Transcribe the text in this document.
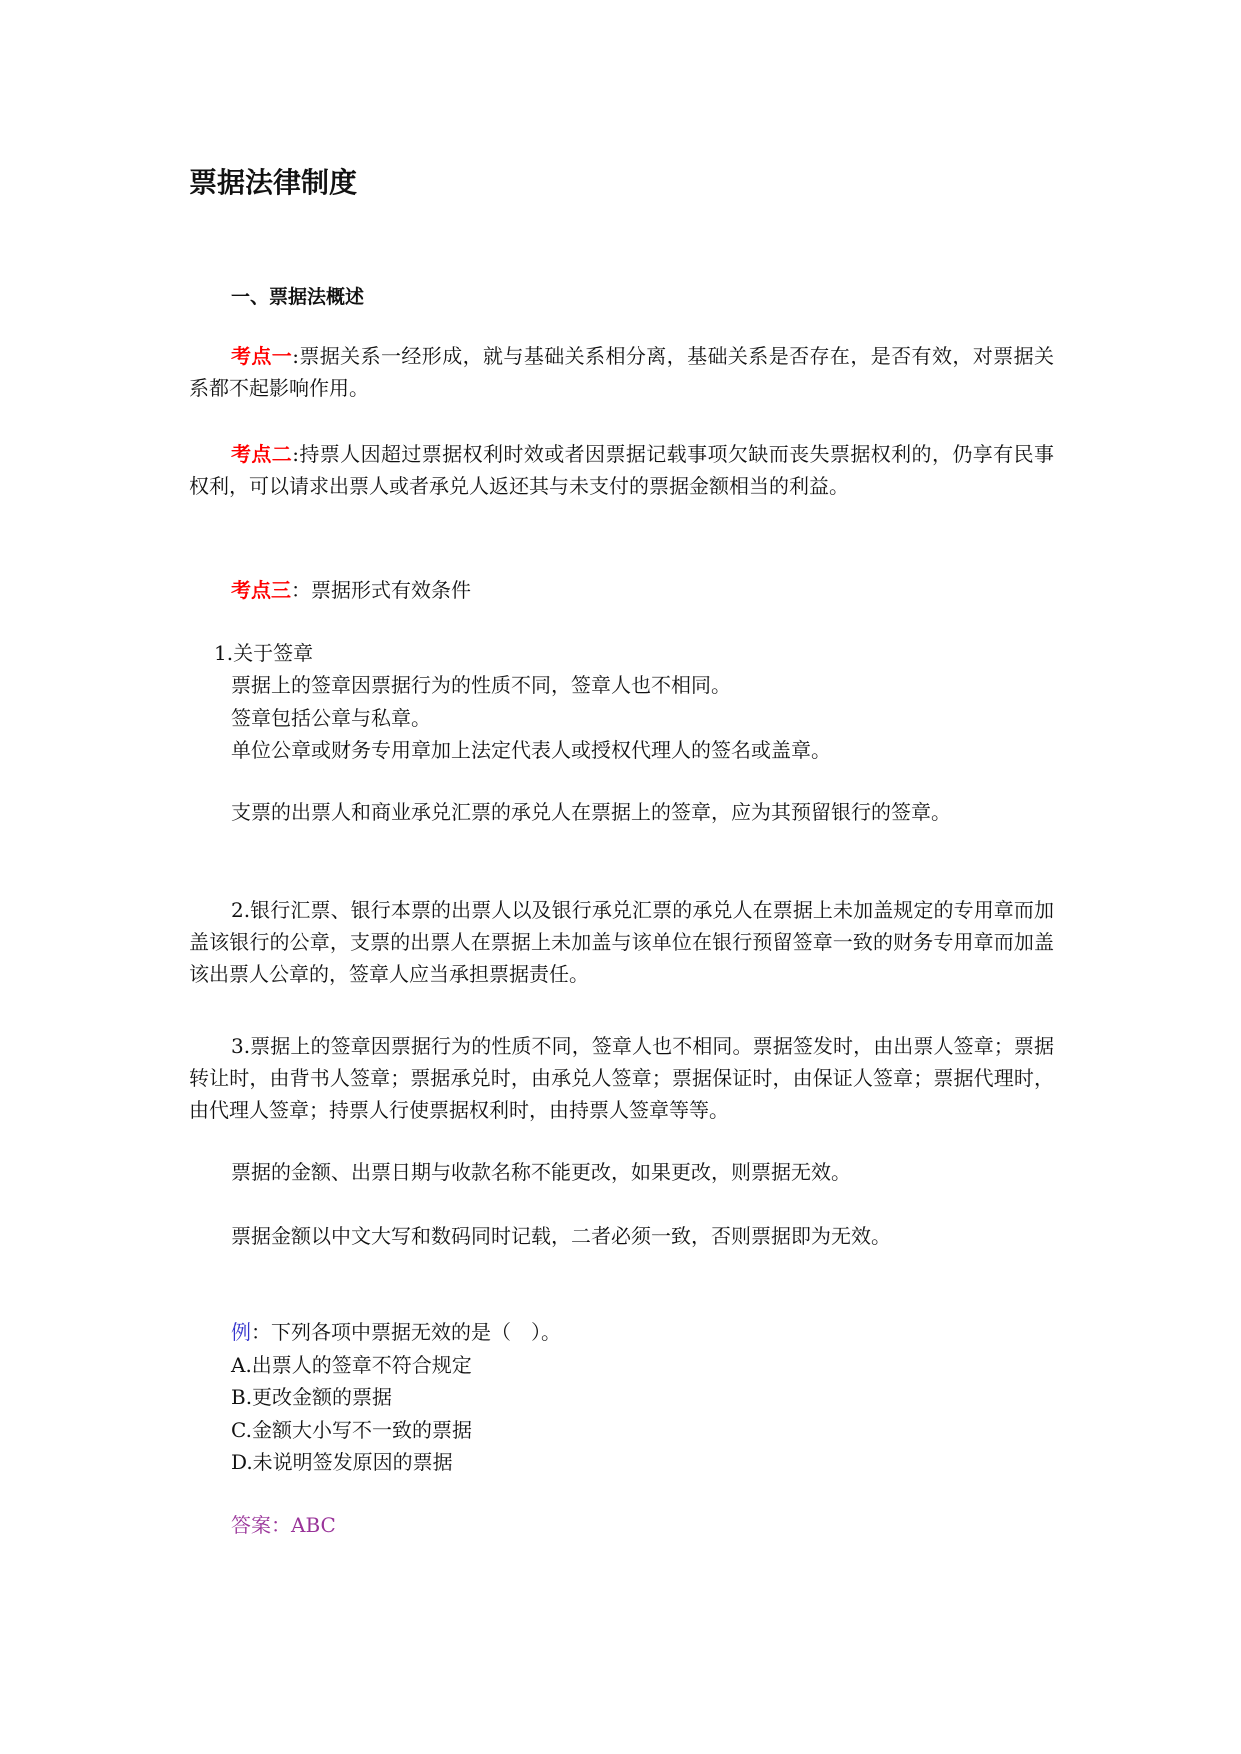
票据法律制度
一、票据法概述
考点一:票据关系一经形成，就与基础关系相分离，基础关系是否存在，是否有效，对票据关系都不起影响作用。
考点二:持票人因超过票据权利时效或者因票据记载事项欠缺而丧失票据权利的，仍享有民事权利，可以请求出票人或者承兑人返还其与未支付的票据金额相当的利益。
考点三：票据形式有效条件
1.关于签章
票据上的签章因票据行为的性质不同，签章人也不相同。
签章包括公章与私章。
单位公章或财务专用章加上法定代表人或授权代理人的签名或盖章。
支票的出票人和商业承兑汇票的承兑人在票据上的签章，应为其预留银行的签章。
2.银行汇票、银行本票的出票人以及银行承兑汇票的承兑人在票据上未加盖规定的专用章而加盖该银行的公章，支票的出票人在票据上未加盖与该单位在银行预留签章一致的财务专用章而加盖该出票人公章的，签章人应当承担票据责任。
3.票据上的签章因票据行为的性质不同，签章人也不相同。票据签发时，由出票人签章；票据转让时，由背书人签章；票据承兑时，由承兑人签章；票据保证时，由保证人签章；票据代理时，由代理人签章；持票人行使票据权利时，由持票人签章等等。
票据的金额、出票日期与收款名称不能更改，如果更改，则票据无效。
票据金额以中文大写和数码同时记载，二者必须一致，否则票据即为无效。
例：下列各项中票据无效的是（　）。
A.出票人的签章不符合规定
B.更改金额的票据
C.金额大小写不一致的票据
D.未说明签发原因的票据
答案：ABC
